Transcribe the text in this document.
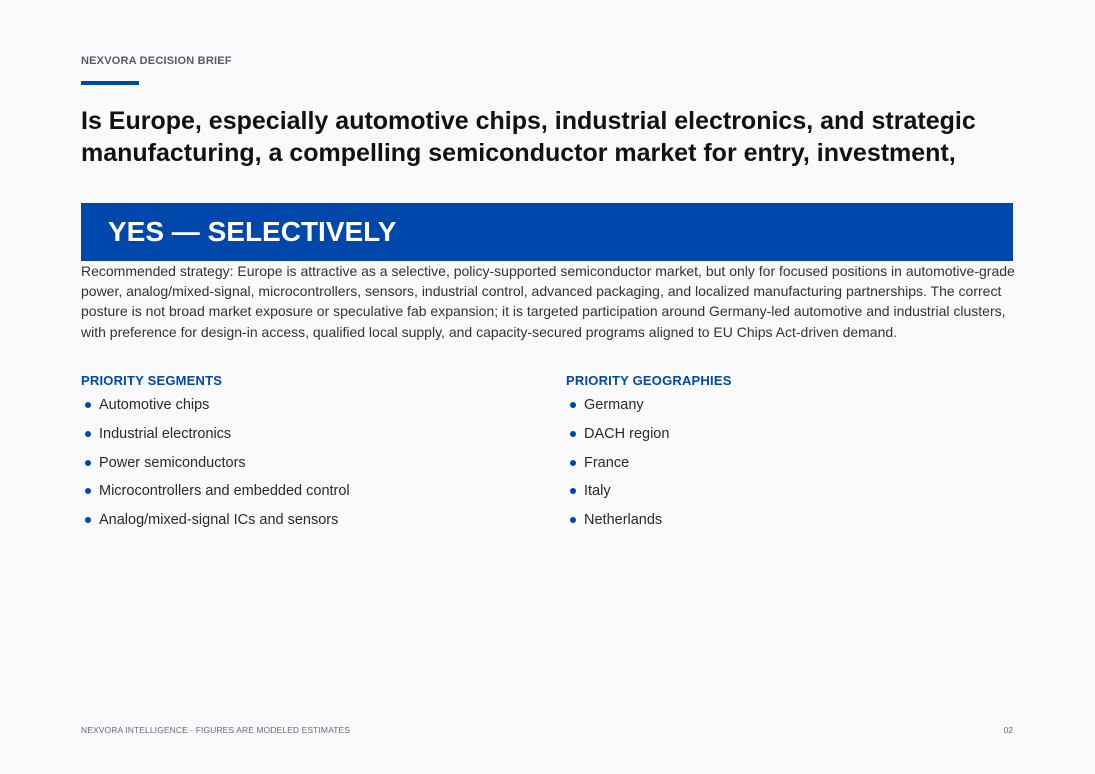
NEXVORA DECISION BRIEF
Is Europe, especially automotive chips, industrial electronics, and strategic manufacturing, a compelling semiconductor market for entry, investment,
YES — SELECTIVELY

Recommended strategy: Europe is attractive as a selective, policy-supported semiconductor market, but only for focused positions in automotive-grade power, analog/mixed-signal, microcontrollers, sensors, industrial control, advanced packaging, and localized manufacturing partnerships. The correct posture is not broad market exposure or speculative fab expansion; it is targeted participation around Germany-led automotive and industrial clusters, with preference for design-in access, qualified local supply, and capacity-secured programs aligned to EU Chips Act-driven demand.

PRIORITY SEGMENTS
Automotive chips
Industrial electronics
Power semiconductors
Microcontrollers and embedded control
Analog/mixed-signal ICs and sensors
PRIORITY GEOGRAPHIES
Germany
DACH region
France
Italy
Netherlands
NEXVORA INTELLIGENCE · FIGURES ARE MODELED ESTIMATES	02
